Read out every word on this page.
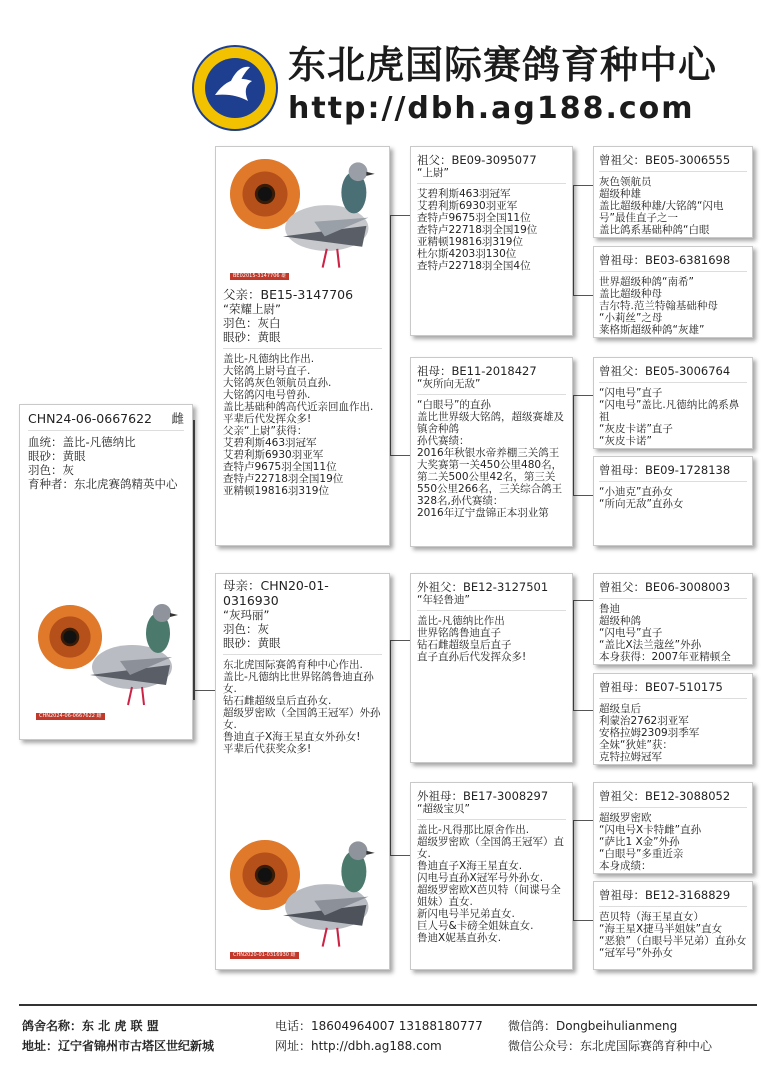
东北虎国际赛鸽育种中心
http://dbh.ag188.com
CHN24-06-0667622 雌
血统：盖比-凡德纳比
眼砂：黄眼
羽色：灰
育种者：东北虎赛鸽精英中心
CHN2024-06-0667622 雌
BE02015-3147706 雄
父亲：BE15-3147706
“荣耀上尉”
羽色：灰白
眼砂：黄眼
盖比-凡德纳比作出.
大铭鸽上尉号直子.
大铭鸽灰色领航员直孙.
大铭鸽闪电号曾孙.
盖比基础种鸽高代近亲回血作出.
平辈后代发挥众多!
父亲“上尉”获得：
艾碧利斯463羽冠军
艾碧利斯6930羽亚军
查特卢9675羽全国11位
查特卢22718羽全国19位
亚精顿19816羽319位
母亲：CHN20-01-0316930
“灰玛丽”
羽色：灰
眼砂：黄眼
东北虎国际赛鸽育种中心作出.
盖比-凡德纳比世界铭鸽鲁迪直孙女.
钻石雌超级皇后直孙女.
超级罗密欧（全国鸽王冠军）外孙女.
鲁迪直子X海王星直女外孙女!
平辈后代获奖众多!
CHN2020-01-0316930 雌
祖父：BE09-3095077
“上尉”
艾碧利斯463羽冠军
艾碧利斯6930羽亚军
查特卢9675羽全国11位
查特卢22718羽全国19位
亚精顿19816羽319位
杜尔斯4203羽130位
查特卢22718羽全国4位
祖母：BE11-2018427
“灰所向无敌”
“白眼号”的直孙
盖比世界级大铭鸽，超级赛雄及镇舍种鸽
孙代赛绩：
2016年秋银水帝养棚三关鸽王大奖赛第一关450公里480名，第二关500公里42名，第三关550公里266名，三关综合鸽王328名,孙代赛绩：
2016年辽宁盘锦正本羽业第
外祖父：BE12-3127501
“年轻鲁迪”
盖比-凡德纳比作出
世界铭鸽鲁迪直子
钻石雌超级皇后直子
直子直孙后代发挥众多!
外祖母：BE17-3008297
“超级宝贝”
盖比-凡得那比原舍作出.
超级罗密欧（全国鸽王冠军）直女.
鲁迪直子X海王星直女.
闪电号直孙X冠军号外孙女.
超级罗密欧X芭贝特（间谍号全姐妹）直女.
新闪电号半兄弟直女.
巨人号&卡磅全姐妹直女.
鲁迪X妮基直孙女.
曾祖父：BE05-3006555
灰色领航员
超级种雄
盖比超级种雄/大铭鸽“闪电号”最佳直子之一
盖比鸽系基础种鸽“白眼
曾祖母：BE03-6381698
世界超级种鸽“南希”
盖比超级种母
吉尔特.范兰特翰基础种母
“小莉丝”之母
莱格斯超级种鸽“灰雄”
曾祖父：BE05-3006764
“闪电号”直子
“闪电号”盖比.凡德纳比鸽系鼻祖
“灰皮卡诺”直子
“灰皮卡诺”
曾祖母：BE09-1728138
“小迪克”直孙女
“所向无敌”直孙女
曾祖父：BE06-3008003
鲁迪
超级种鸽
“闪电号”直子
“盖比X法兰蔻丝”外孙
本身获得：2007年亚精顿全
曾祖母：BE07-510175
超级皇后
利蒙治2762羽亚军
安格拉姆2309羽季军
全妹“狄娃”获：
克特拉姆冠军
曾祖父：BE12-3088052
超级罗密欧
“闪电号X卡特雌”直孙
“萨比1 X金”外孙
“白眼号”多重近亲
本身成绩：
曾祖母：BE12-3168829
芭贝特（海王星直女）
“海王星X捷马半姐妹”直女
“恶狼”（白眼号半兄弟）直孙女
“冠军号”外孙女
鸽舍名称：东 北 虎 联 盟	电话：18604964007 13188180777 微信鸽：Dongbeihulianmeng
地址：辽宁省锦州市古塔区世纪新城	网址：http://dbh.ag188.com	微信公众号：东北虎国际赛鸽育种中心
